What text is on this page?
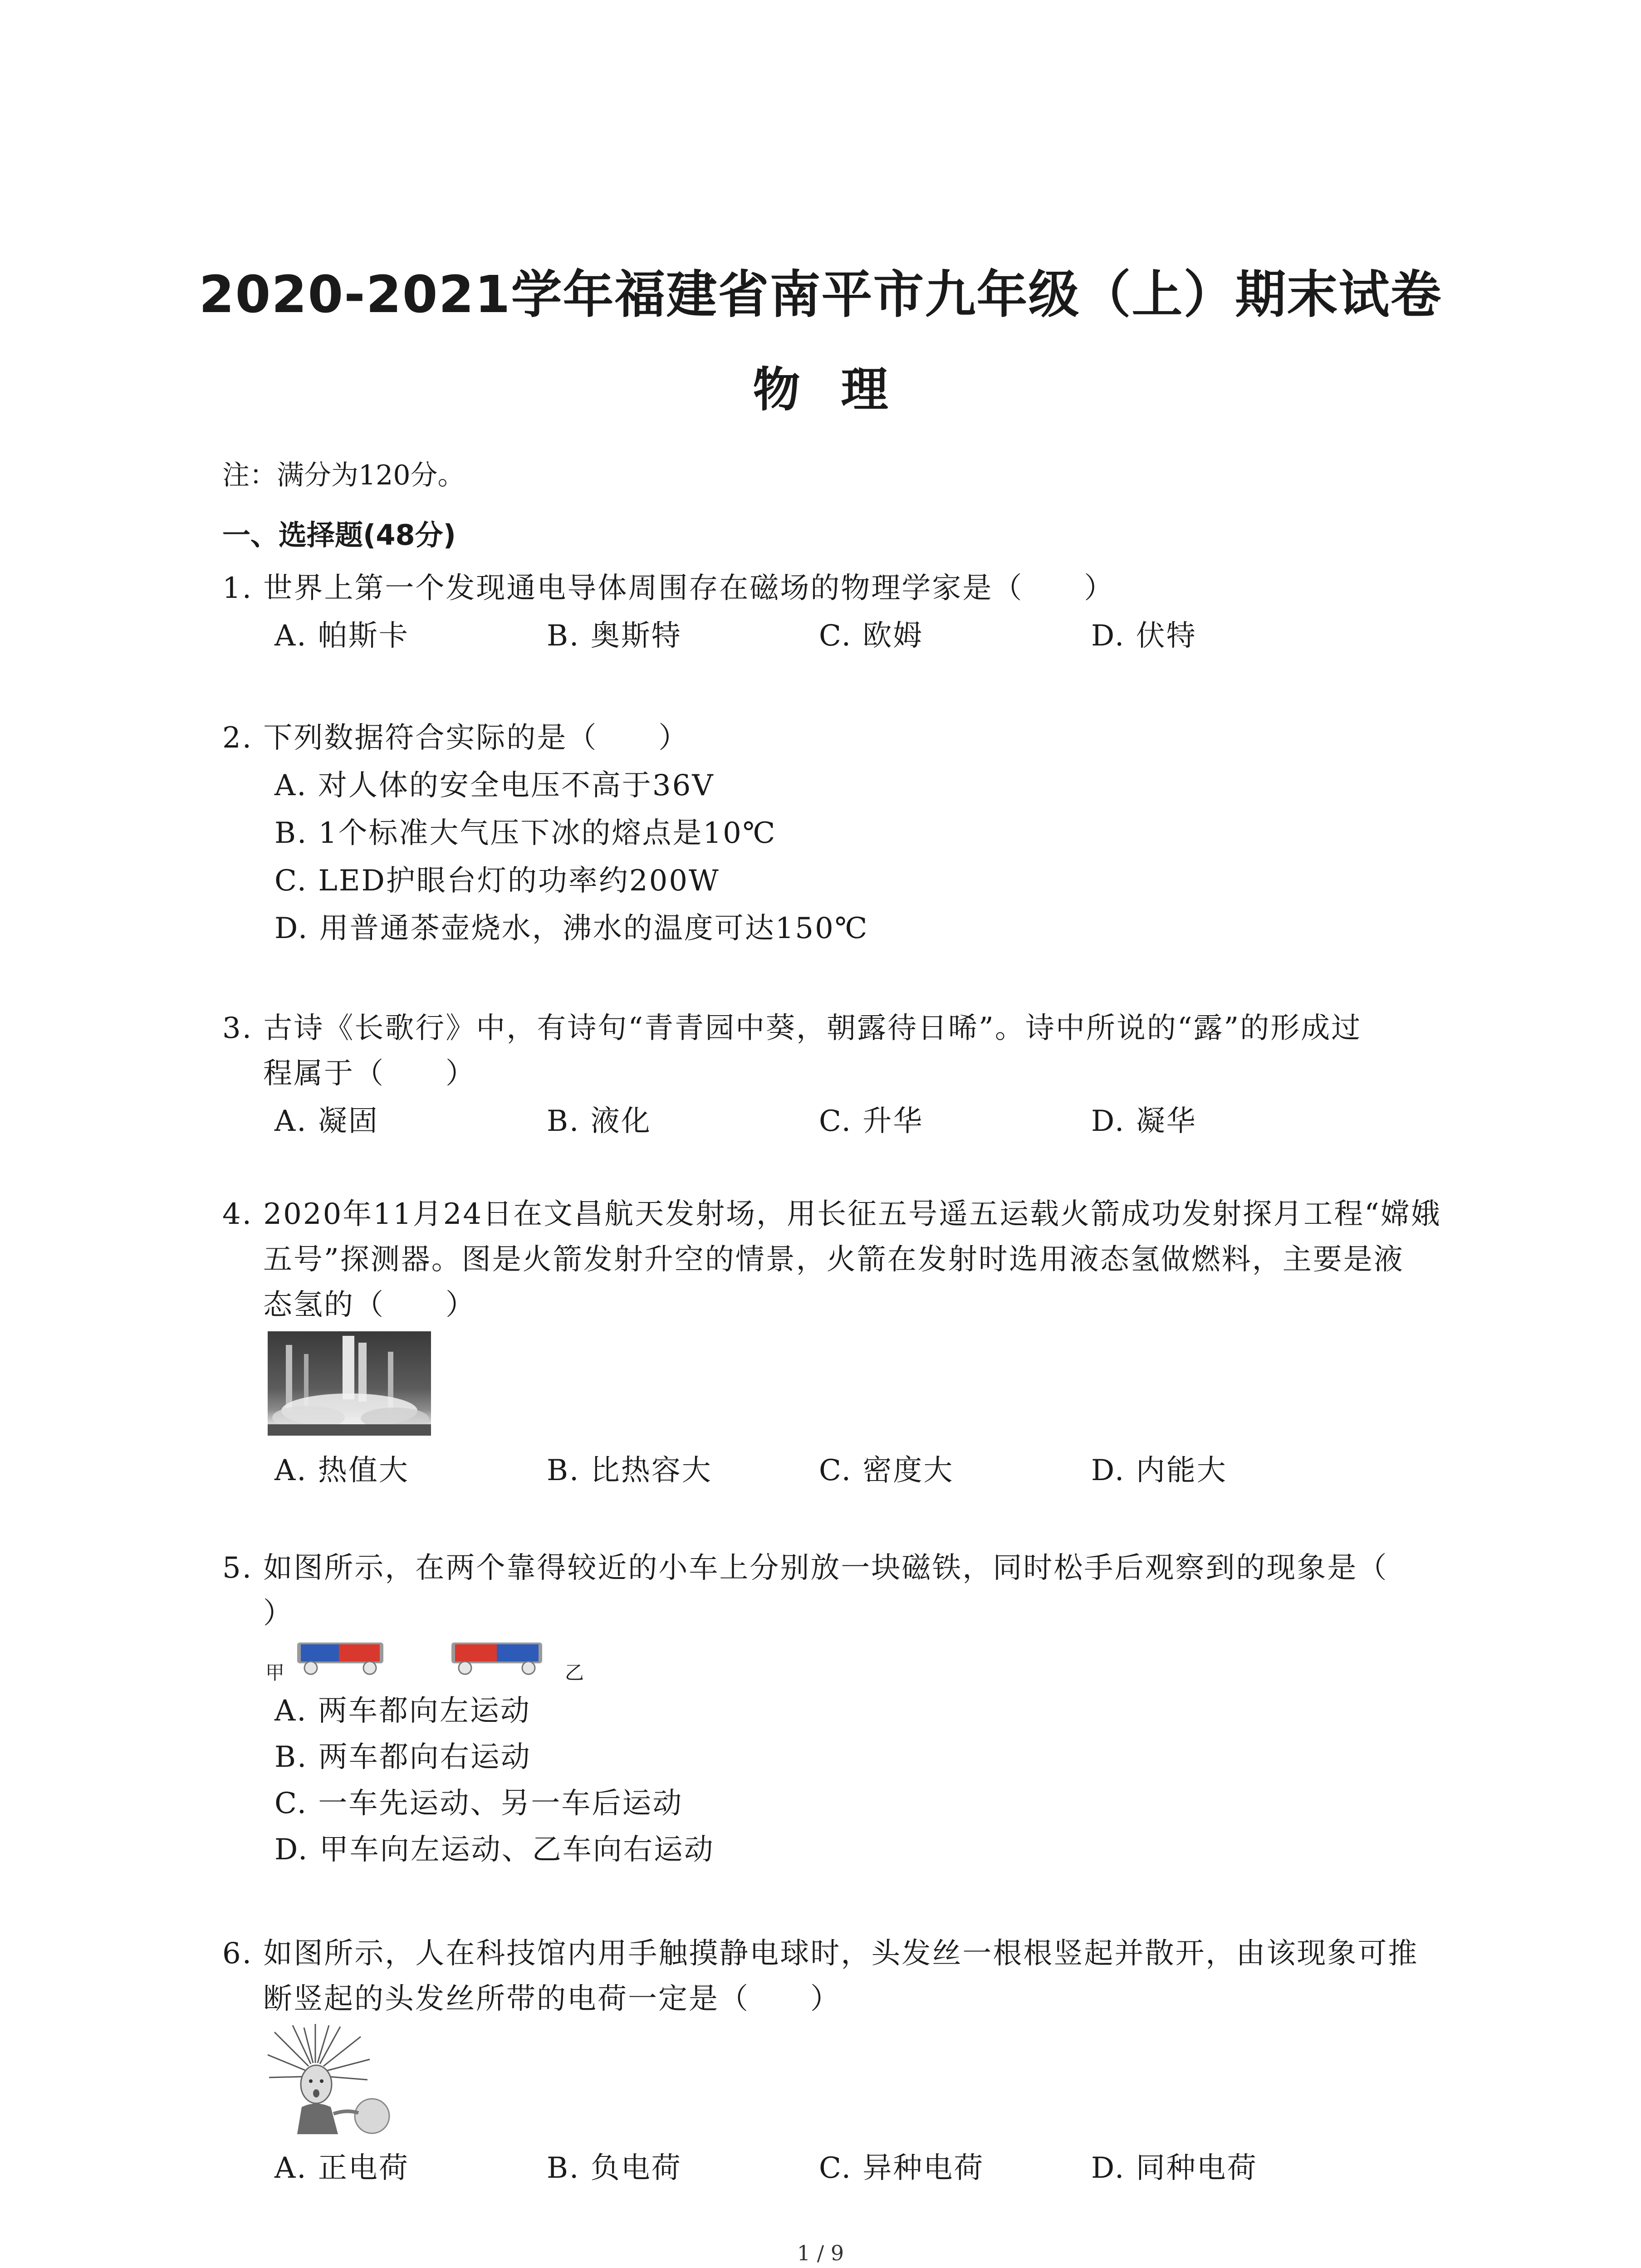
2020-2021学年福建省南平市九年级（上）期末试卷
物理
注：满分为120分。
一、选择题(48分)
1. 世界上第一个发现通电导体周围存在磁场的物理学家是（　　）
A. 帕斯卡	B. 奥斯特	C. 欧姆	D. 伏特
2. 下列数据符合实际的是（　　）
A. 对人体的安全电压不高于36V
B. 1个标准大气压下冰的熔点是10℃
C. LED护眼台灯的功率约200W
D. 用普通茶壶烧水，沸水的温度可达150℃
3. 古诗《长歌行》中，有诗句“青青园中葵，朝露待日晞”。诗中所说的“露”的形成过
程属于（　　）
A. 凝固	B. 液化	C. 升华	D. 凝华
4. 2020年11月24日在文昌航天发射场，用长征五号遥五运载火箭成功发射探月工程“嫦娥
五号”探测器。图是火箭发射升空的情景，火箭在发射时选用液态氢做燃料，主要是液
态氢的（　　）
A. 热值大	B. 比热容大	C. 密度大	D. 内能大
5. 如图所示，在两个靠得较近的小车上分别放一块磁铁，同时松手后观察到的现象是（
）
甲	乙
A. 两车都向左运动
B. 两车都向右运动
C. 一车先运动、另一车后运动
D. 甲车向左运动、乙车向右运动
6. 如图所示，人在科技馆内用手触摸静电球时，头发丝一根根竖起并散开，由该现象可推
断竖起的头发丝所带的电荷一定是（　　）
A. 正电荷	B. 负电荷	C. 异种电荷	D. 同种电荷
1 / 9
